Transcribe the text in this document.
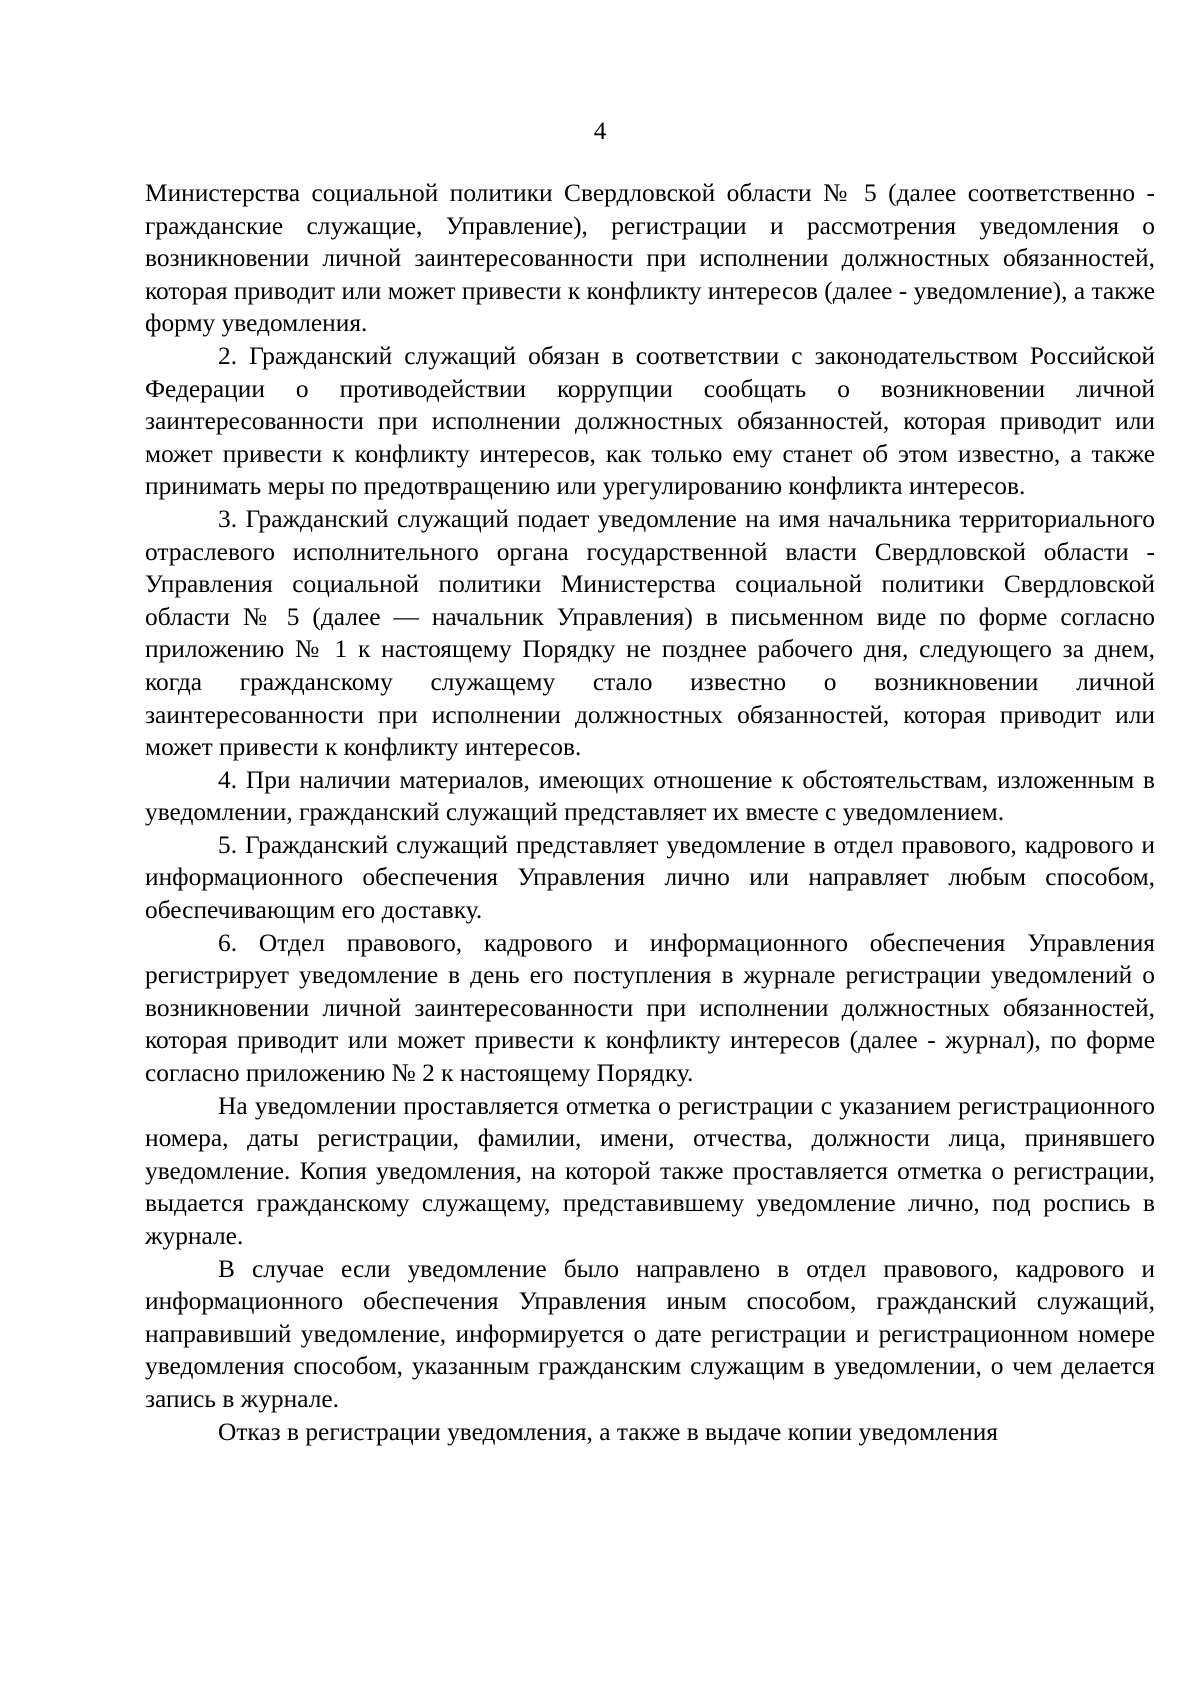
4

Министерства социальной политики Свердловской области № 5 (далее соответственно - гражданские служащие, Управление), регистрации и рассмотрения уведомления о возникновении личной заинтересованности при исполнении должностных обязанностей, которая приводит или может привести к конфликту интересов (далее - уведомление), а также форму уведомления.

2. Гражданский служащий обязан в соответствии с законодательством Российской Федерации о противодействии коррупции сообщать о возникновении личной заинтересованности при исполнении должностных обязанностей, которая приводит или может привести к конфликту интересов, как только ему станет об этом известно, а также принимать меры по предотвращению или урегулированию конфликта интересов.

3. Гражданский служащий подает уведомление на имя начальника территориального отраслевого исполнительного органа государственной власти Свердловской области - Управления социальной политики Министерства социальной политики Свердловской области № 5 (далее — начальник Управления) в письменном виде по форме согласно приложению № 1 к настоящему Порядку не позднее рабочего дня, следующего за днем, когда гражданскому служащему стало известно о возникновении личной заинтересованности при исполнении должностных обязанностей, которая приводит или может привести к конфликту интересов.

4. При наличии материалов, имеющих отношение к обстоятельствам, изложенным в уведомлении, гражданский служащий представляет их вместе с уведомлением.

5. Гражданский служащий представляет уведомление в отдел правового, кадрового и информационного обеспечения Управления лично или направляет любым способом, обеспечивающим его доставку.

6. Отдел правового, кадрового и информационного обеспечения Управления регистрирует уведомление в день его поступления в журнале регистрации уведомлений о возникновении личной заинтересованности при исполнении должностных обязанностей, которая приводит или может привести к конфликту интересов (далее - журнал), по форме согласно приложению № 2 к настоящему Порядку.

На уведомлении проставляется отметка о регистрации с указанием регистрационного номера, даты регистрации, фамилии, имени, отчества, должности лица, принявшего уведомление. Копия уведомления, на которой также проставляется отметка о регистрации, выдается гражданскому служащему, представившему уведомление лично, под роспись в журнале.

В случае если уведомление было направлено в отдел правового, кадрового и информационного обеспечения Управления иным способом, гражданский служащий, направивший уведомление, информируется о дате регистрации и регистрационном номере уведомления способом, указанным гражданским служащим в уведомлении, о чем делается запись в журнале.

Отказ в регистрации уведомления, а также в выдаче копии уведомления
